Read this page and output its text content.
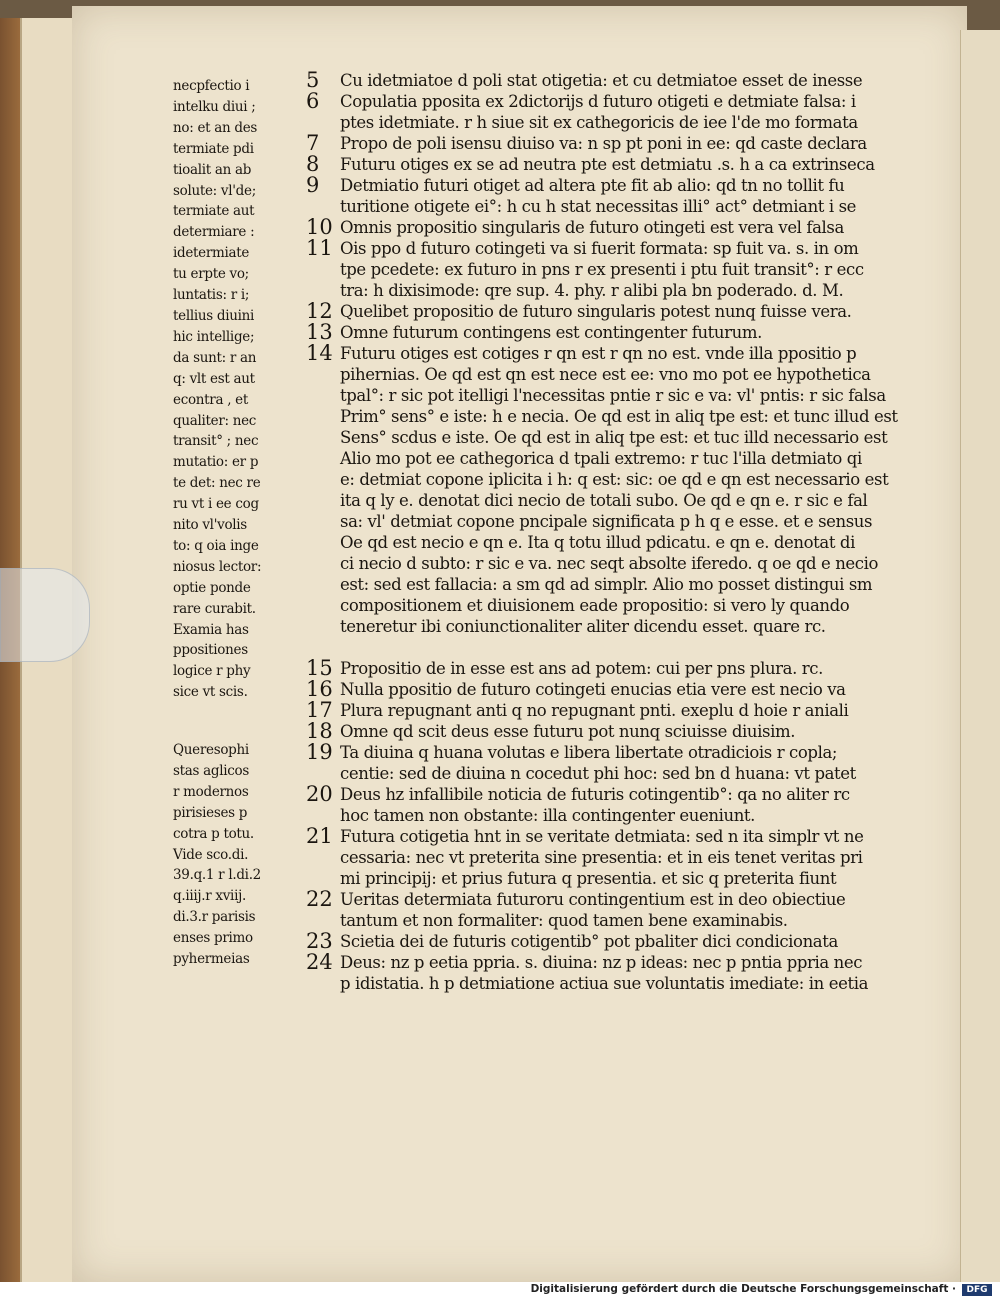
necpfectio i
intelku diui ;
no: et an des
termiate pdi
tioalit an ab
solute: vl'de;
termiate aut
determiare :
idetermiate
tu erpte vo;
luntatis: r i;
tellius diuini
hic intellige;
da sunt: r an
q: vlt est aut
econtra , et
qualiter: nec
transit° ; nec
mutatio: er p
te det: nec re
ru vt i ee cog
nito vl'volis
to: q oia inge
niosus lector:
optie ponde
rare curabit.
Examia has
ppositiones
logice r phy
sice vt scis.
Queresophi
stas aglicos
r modernos
pirisieses p
cotra p totu.
Vide sco.di.
39.q.1 r l.di.2
q.iiij.r xviij.
di.3.r parisis
enses primo
pyhermeias
5	Cu idetmiatoe d poli stat otigetia: et cu detmiatoe esset de inesse
6	Copulatia pposita ex 2dictorijs d futuro otigeti e detmiate falsa: i
ptes idetmiate. r h siue sit ex cathegoricis de iee l'de mo formata
7	Propo de poli isensu diuiso va: n sp pt poni in ee: qd caste declara
8	Futuru otiges ex se ad neutra pte est detmiatu .s. h a ca extrinseca
9	Detmiatio futuri otiget ad altera pte fit ab alio: qd tn no tollit fu
turitione otigete ei°: h cu h stat necessitas illi° act° detmiant i se
10 Omnis propositio singularis de futuro otingeti est vera vel falsa
11 Ois ppo d futuro cotingeti va si fuerit formata: sp fuit va. s. in om
tpe pcedete: ex futuro in pns r ex presenti i ptu fuit transit°: r ecc
tra: h dixisimode: qre sup. 4. phy. r alibi pla bn poderado. d. M.
12 Quelibet propositio de futuro singularis potest nunq fuisse vera.
13 Omne futurum contingens est contingenter futurum.
14 Futuru otiges est cotiges r qn est r qn no est. vnde illa ppositio p
pihernias. Oe qd est qn est nece est ee: vno mo pot ee hypothetica
tpal°: r sic pot itelligi l'necessitas pntie r sic e va: vl' pntis: r sic falsa
Prim° sens° e iste: h e necia. Oe qd est in aliq tpe est: et tunc illud est
Sens° scdus e iste. Oe qd est in aliq tpe est: et tuc illd necessario est
Alio mo pot ee cathegorica d tpali extremo: r tuc l'illa detmiato qi
e: detmiat copone iplicita i h: q est: sic: oe qd e qn est necessario est
ita q ly e. denotat dici necio de totali subo. Oe qd e qn e. r sic e fal
sa: vl' detmiat copone pncipale significata p h q e esse. et e sensus
Oe qd est necio e qn e. Ita q totu illud pdicatu. e qn e. denotat di
ci necio d subto: r sic e va. nec seqt absolte iferedo. q oe qd e necio
est: sed est fallacia: a sm qd ad simplr. Alio mo posset distingui sm
compositionem et diuisionem eade propositio: si vero ly quando
teneretur ibi coniunctionaliter aliter dicendu esset. quare rc.
15 Propositio de in esse est ans ad potem: cui per pns plura. rc.
16 Nulla ppositio de futuro cotingeti enucias etia vere est necio va
17 Plura repugnant anti q no repugnant pnti. exeplu d hoie r aniali
18 Omne qd scit deus esse futuru pot nunq sciuisse diuisim.
19 Ta diuina q huana volutas e libera libertate otradiciois r copla;
centie: sed de diuina n cocedut phi hoc: sed bn d huana: vt patet
20 Deus hz infallibile noticia de futuris cotingentib°: qa no aliter rc
hoc tamen non obstante: illa contingenter eueniunt.
21 Futura cotigetia hnt in se veritate detmiata: sed n ita simplr vt ne
cessaria: nec vt preterita sine presentia: et in eis tenet veritas pri
mi principij: et prius futura q presentia. et sic q preterita fiunt
22 Ueritas determiata futuroru contingentium est in deo obiectiue
tantum et non formaliter: quod tamen bene examinabis.
23 Scietia dei de futuris cotigentib° pot pbaliter dici condicionata
24 Deus: nz p eetia ppria. s. diuina: nz p ideas: nec p pntia ppria nec
p idistatia. h p detmiatione actiua sue voluntatis imediate: in eetia
Digitalisierung gefördert durch die Deutsche Forschungsgemeinschaft ·	DFG
